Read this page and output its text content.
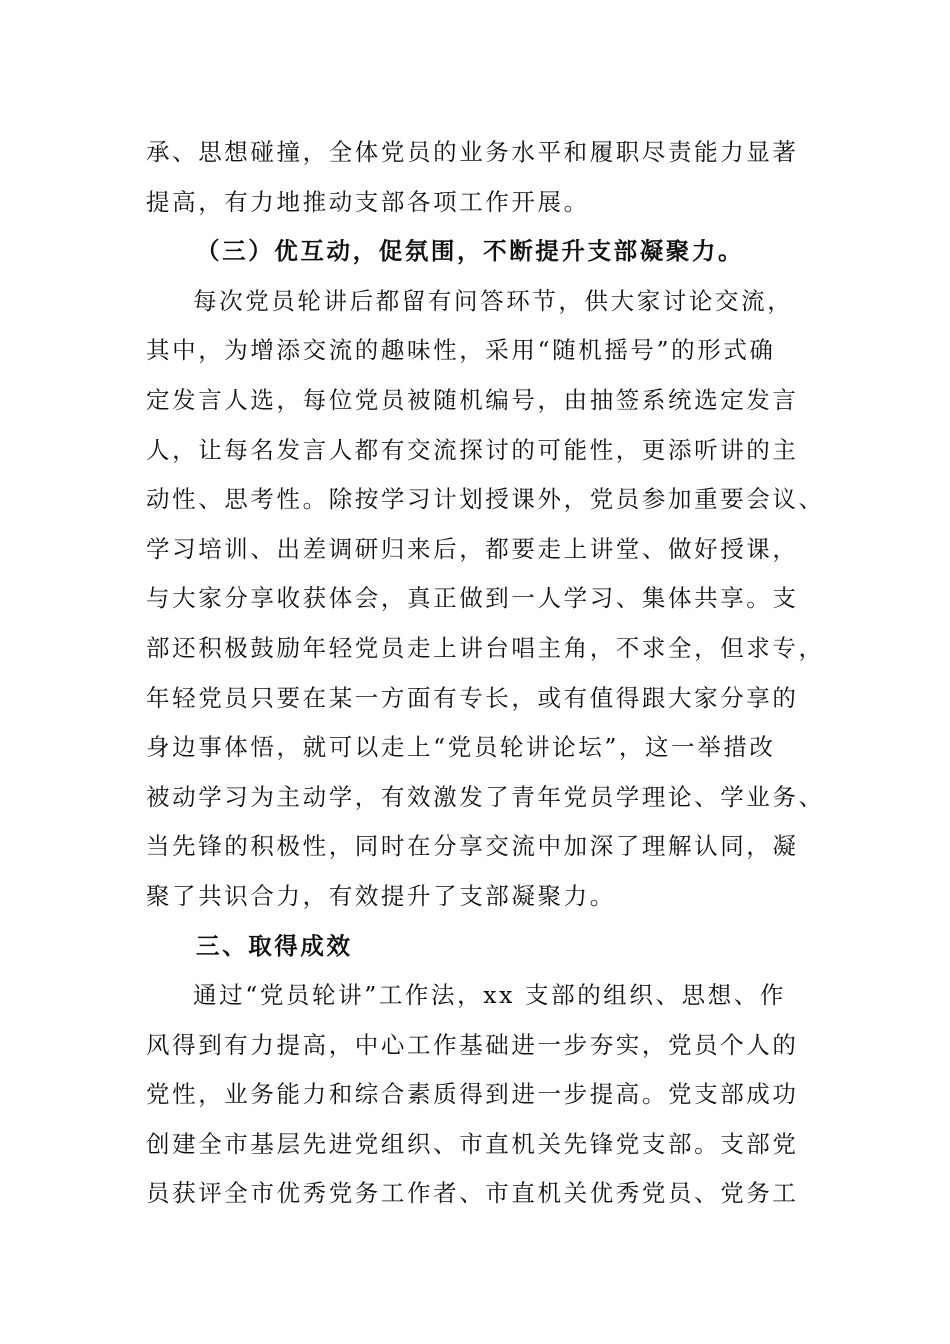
承、思想碰撞，全体党员的业务水平和履职尽责能力显著
提高，有力地推动支部各项工作开展。
（三）优互动，促氛围，不断提升支部凝聚力。
每次党员轮讲后都留有问答环节，供大家讨论交流，
其中，为增添交流的趣味性，采用“随机摇号”的形式确
定发言人选，每位党员被随机编号，由抽签系统选定发言
人，让每名发言人都有交流探讨的可能性，更添听讲的主
动性、思考性。除按学习计划授课外，党员参加重要会议、
学习培训、出差调研归来后，都要走上讲堂、做好授课，
与大家分享收获体会，真正做到一人学习、集体共享。支
部还积极鼓励年轻党员走上讲台唱主角，不求全，但求专，
年轻党员只要在某一方面有专长，或有值得跟大家分享的
身边事体悟，就可以走上“党员轮讲论坛”，这一举措改
被动学习为主动学，有效激发了青年党员学理论、学业务、
当先锋的积极性，同时在分享交流中加深了理解认同，凝
聚了共识合力，有效提升了支部凝聚力。
三、取得成效
通过“党员轮讲”工作法，xx 支部的组织、思想、作
风得到有力提高，中心工作基础进一步夯实，党员个人的
党性，业务能力和综合素质得到进一步提高。党支部成功
创建全市基层先进党组织、市直机关先锋党支部。支部党
员获评全市优秀党务工作者、市直机关优秀党员、党务工
